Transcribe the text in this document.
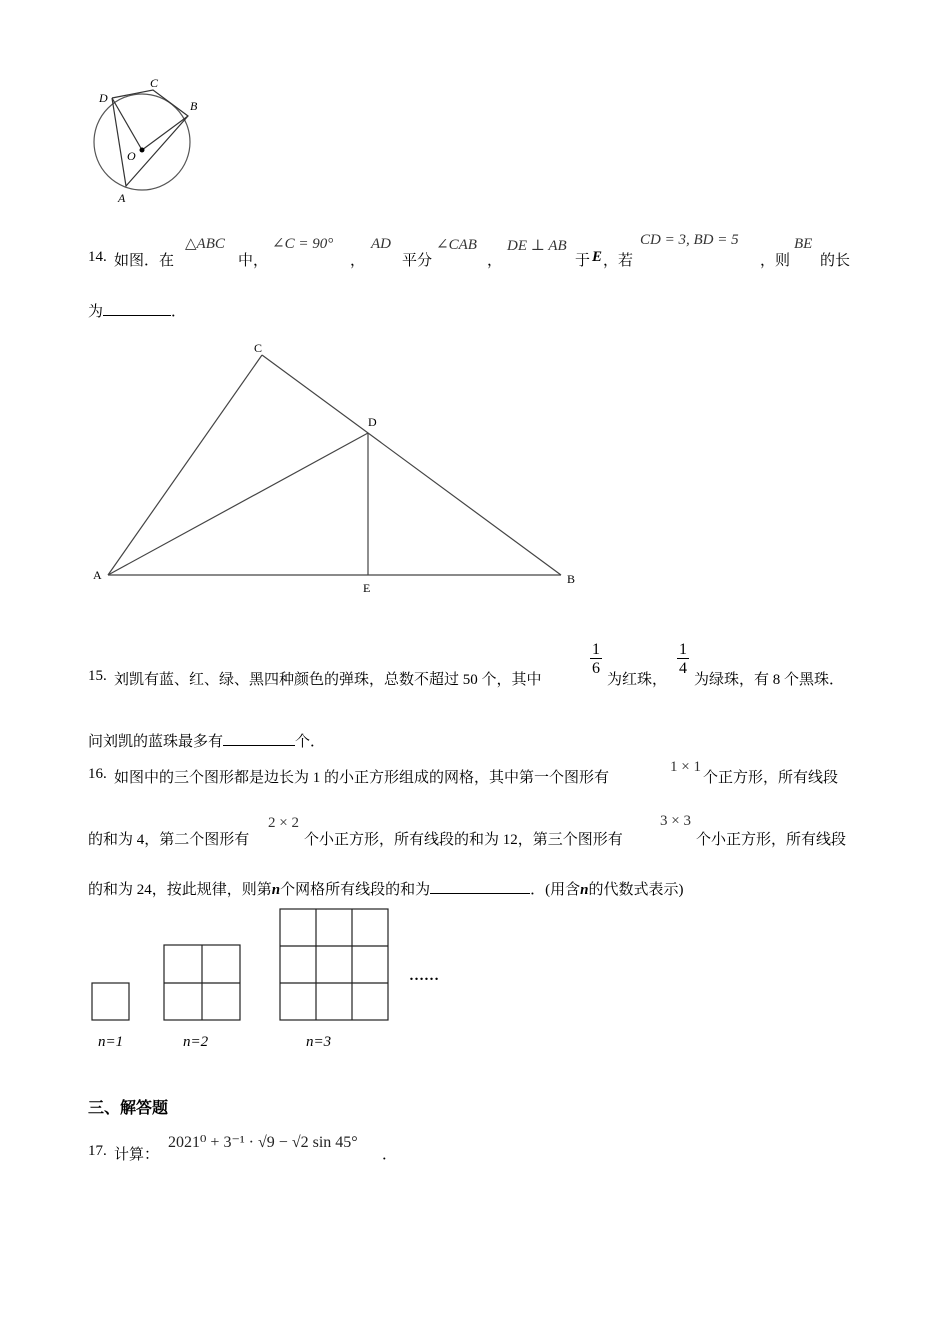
C
D
B
O
A
14. 如图．在
△ABC
中，
∠C = 90°
，
AD
平分
∠CAB
，
DE ⊥ AB
于 E ，若
CD = 3, BD = 5
，则
BE
的长
为	．
C
D
A
E
B
15. 刘凯有蓝、红、绿、黑四种颜色的弹珠，总数不超过 50 个，其中
$\frac{1}{6}$
为红珠，
$\frac{1}{4}$
为绿珠，有 8 个黑珠．
问刘凯的蓝珠最多有	个．
16. 如图中的三个图形都是边长为 1 的小正方形组成的网格，其中第一个图形有
1 × 1
个正方形，所有线段
的和为 4，第二个图形有
2 × 2
个小正方形，所有线段的和为 12，第三个图形有
3 × 3
个小正方形，所有线段
的和为 24，按此规律，则第n个网格所有线段的和为	．(用含n的代数式表示)
……
n=1	n=2	n=3
三、解答题
17. 计算：
2021⁰ + 3⁻¹ · √9 − √2 sin 45°
．
